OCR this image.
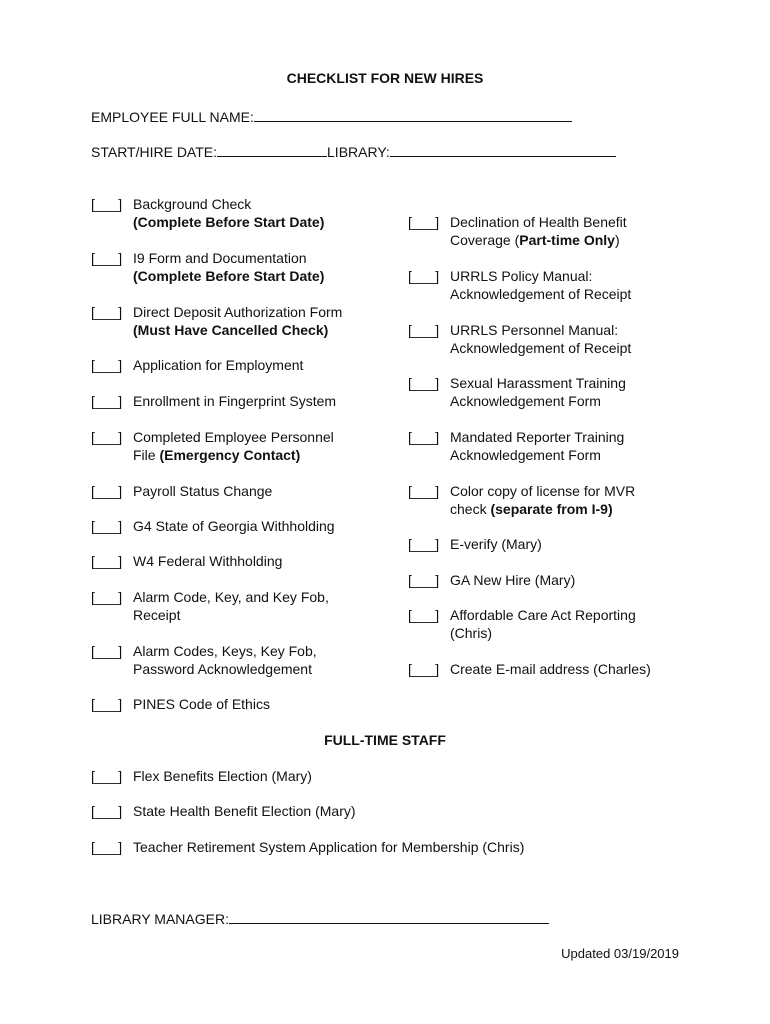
CHECKLIST FOR NEW HIRES
EMPLOYEE FULL NAME:
START/HIRE DATE:	LIBRARY:
[___] Background Check
(Complete Before Start Date)
[___] I9 Form and Documentation
(Complete Before Start Date)
[___] Direct Deposit Authorization Form
(Must Have Cancelled Check)
[___] Application for Employment
[___] Enrollment in Fingerprint System
[___] Completed Employee Personnel
File (Emergency Contact)
[___] Payroll Status Change
[___] G4 State of Georgia Withholding
[___] W4 Federal Withholding
[___] Alarm Code, Key, and Key Fob,
Receipt
[___] Alarm Codes, Keys, Key Fob,
Password Acknowledgement
[___] PINES Code of Ethics
[___] Declination of Health Benefit
Coverage (Part-time Only)
[___] URRLS Policy Manual:
Acknowledgement of Receipt
[___] URRLS Personnel Manual:
Acknowledgement of Receipt
[___] Sexual Harassment Training
Acknowledgement Form
[___] Mandated Reporter Training
Acknowledgement Form
[___] Color copy of license for MVR
check (separate from I-9)
[___] E-verify (Mary)
[___] GA New Hire (Mary)
[___] Affordable Care Act Reporting
(Chris)
[___] Create E-mail address (Charles)
FULL-TIME STAFF
[___] Flex Benefits Election (Mary)
[___] State Health Benefit Election (Mary)
[___] Teacher Retirement System Application for Membership (Chris)
LIBRARY MANAGER:
Updated 03/19/2019
